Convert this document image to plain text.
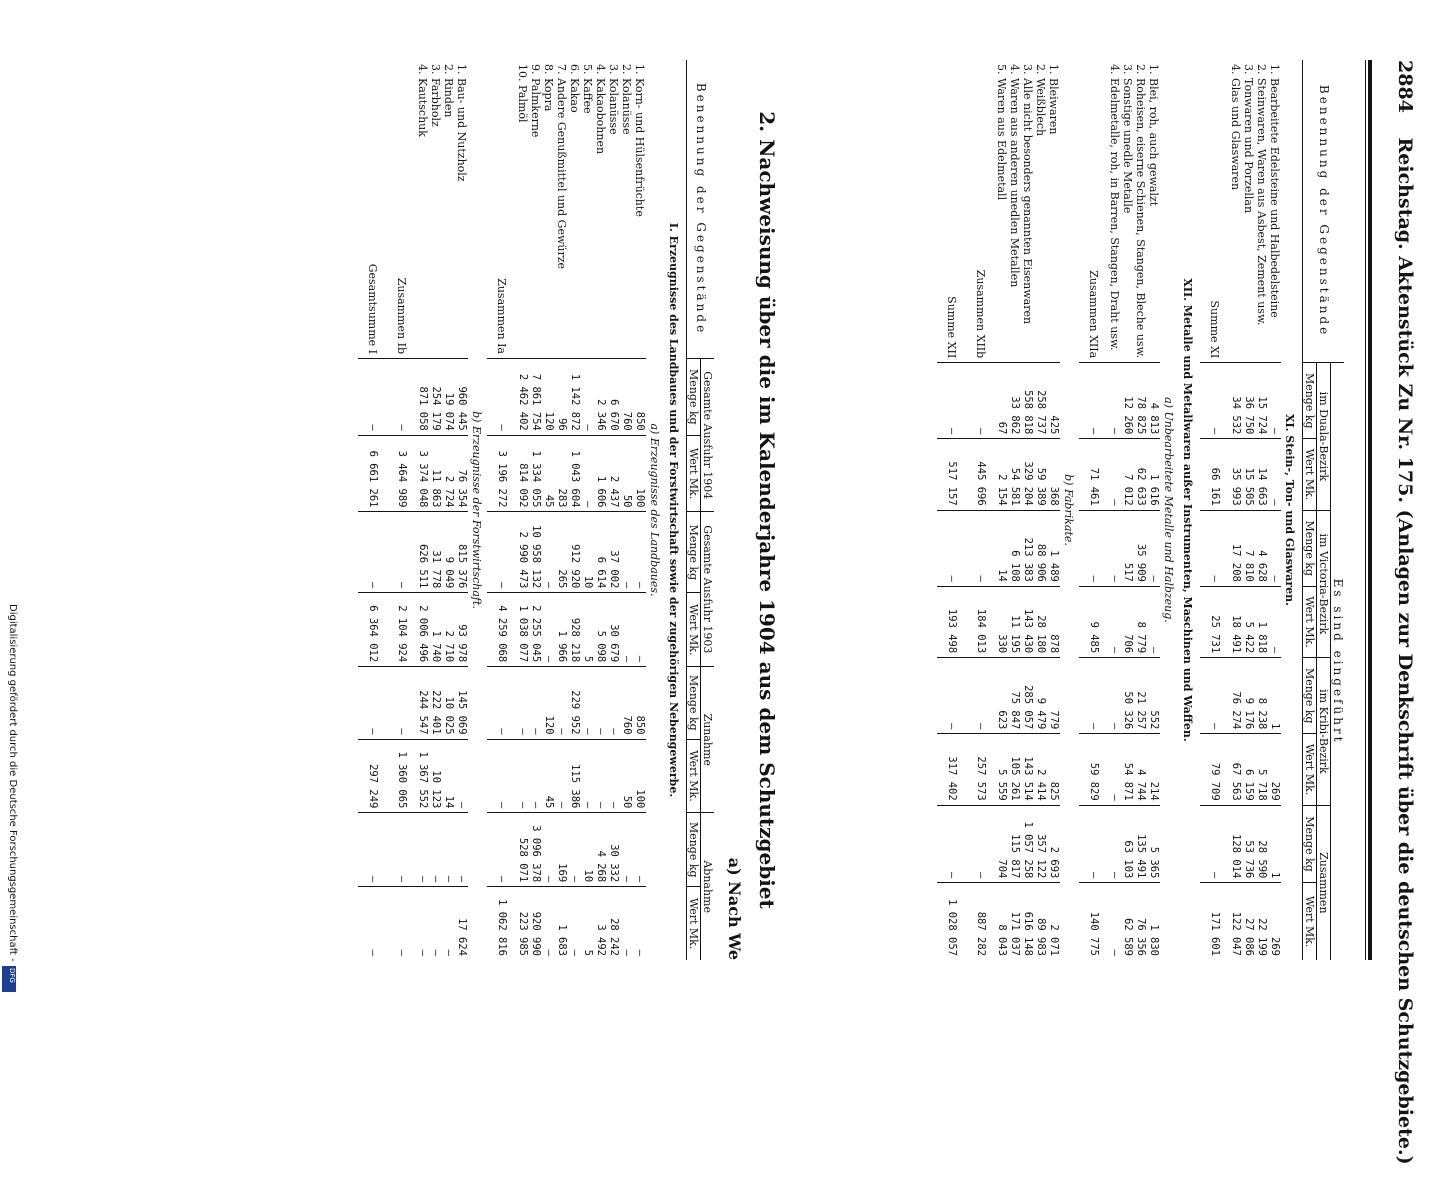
2884 Reichstag. Aktenstück Zu Nr. 175. (Anlagen zur Denkschrift über die deutschen Schutzgebiete.)
Benennung der Gegenstände	Es sind eingeführt							
	im Duala-Bezirk		im Victoria-Bezirk		im Kribi-Bezirk		Zusammen	
	Menge kg	Wert Mk.	Menge kg	Wert Mk.	Menge kg	Wert Mk.	Menge kg	Wert Mk.
XI. Stein-, Ton- und Glaswaren.								
1. Bearbeitete Edelsteine und Halbedelsteine	—	—	—	—	1	269	1	269
2. Steinwaren, Waren aus Asbest, Zement usw.	15 724	14 663	4 628	1 818	8 238	5 718	28 590	22 199
3. Tonwaren und Porzellan	36 750	15 505	7 810	5 422	9 176	6 159	53 736	27 086
4. Glas und Glaswaren	34 532	35 993	17 208	18 491	76 274	67 563	128 014	122 047
Summe XI	—	66 161	—	25 731	—	79 709	—	171 601
XII. Metalle und Metallwaren außer Instrumenten, Maschinen und Waffen.								
a) Unbearbeitete Metalle und Halbzeug.								
1. Blei, roh, auch gewalzt	4 813	1 616	—	—	552	214	5 365	1 830
2. Roheisen, eiserne Schienen, Stangen, Bleche usw.	78 825	62 633	35 909	8 779	21 257	4 744	135 491	76 356
3. Sonstige unedle Metalle	12 260	7 012	517	706	50 326	54 871	63 103	62 589
4. Edelmetalle, roh, in Barren, Stangen, Draht usw.	—	—	—	—	—	—	—	—
Zusammen XIIa	—	71 461	—	9 485	—	59 829	—	140 775
b) Fabrikate.								
1. Bleiwaren	425	368	1 489	878	779	825	2 693	2 071
2. Weißblech	258 737	59 389	88 906	28 180	9 479	2 414	357 122	89 983
3. Alle nicht besonders genannten Eisenwaren	558 818	329 204	213 383	143 430	285 057	143 514	1 057 258	616 148
4. Waren aus anderen unedlen Metallen	33 862	54 581	6 108	11 195	75 847	105 261	115 817	171 037
5. Waren aus Edelmetall	67	2 154	14	330	623	5 559	704	8 043
Zusammen XIIb	—	445 696	—	184 013	—	257 573	—	887 282
Summe XII	—	517 157	—	193 498	—	317 402	—	1 028 057
2. Nachweisung über die im Kalenderjahre 1904 aus dem Schutzgebiet
a) Nach We
Benennung der Gegenstände	Gesamte Ausfuhr 1904		Gesamte Ausfuhr 1903		Zunahme		Abnahme	

	Menge kg	Wert Mk.	Menge kg	Wert Mk.	Menge kg	Wert Mk.	Menge kg	Wert Mk.
I. Erzeugnisse des Landbaues und der Forstwirtschaft sowie der zugehörigen Nebengewerbe.								
a) Erzeugnisse des Landbaues.								
1. Korn- und Hülsenfrüchte	850	100	—	—	850	100	—	—
2. Kolanüsse	760	50	—	—	760	50	—	—
3. Kolanüsse	6 670	2 437	37 002	30 679	—	—	30 332	28 242
4. Kakaobohnen	2 346	1 606	6 614	5 098	—	—	4 268	3 492
5. Kaffee	—	—	10	5	—	—	10	5
6. Kakao	1 142 872	1 043 604	912 920	928 218	229 952	115 386	—	—
7. Andere Genußmittel und Gewürze	96	283	265	1 966	—	—	169	1 683
8. Kopra	120	45	—	—	120	45	—	—
9. Palmkerne	7 861 754	1 334 055	10 958 132	2 255 045	—	—	3 096 378	920 990
10. Palmöl	2 462 402	814 092	2 990 473	1 038 077	—	—	528 071	223 985
Zusammen Ia	—	3 196 272	—	4 259 068	—	—	—	1 062 816
b) Erzeugnisse der Forstwirtschaft.								
1. Bau- und Nutzholz	960 445	76 354	815 376	93 978	145 069	—	—	17 624
2. Rinden	19 074	2 724	9 049	2 710	10 025	14	—	—
3. Farbholz	254 179	11 863	31 778	1 740	222 401	10 123	—	—
4. Kautschuk	871 058	3 374 048	626 511	2 006 496	244 547	1 367 552	—	—
Zusammen Ib	—	3 464 989	—	2 104 924	—	1 360 065	—	—
Gesamtsumme I	—	6 661 261	—	6 364 012	—	297 249	—	—
Digitalisierung gefördert durch die Deutsche Forschungsgemeinschaft -
DFG
